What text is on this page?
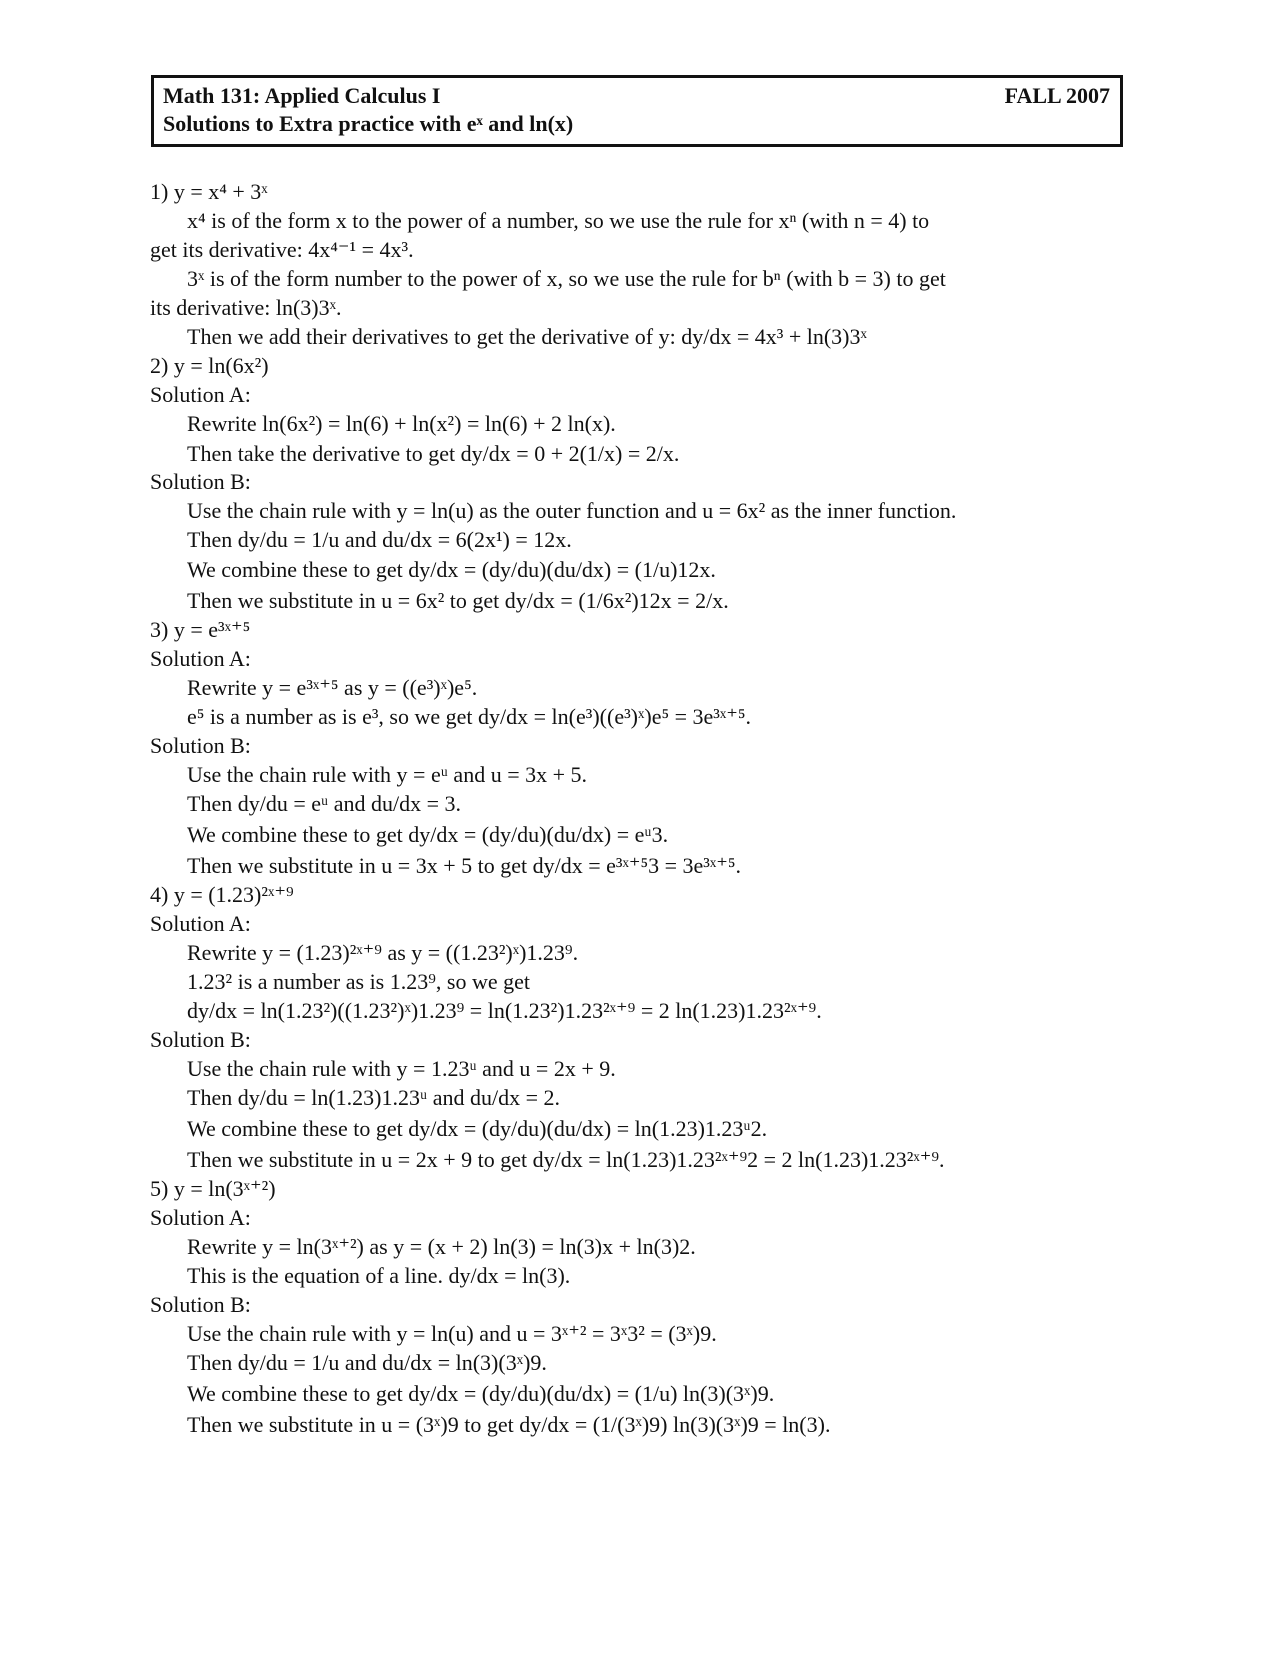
Math 131: Applied Calculus I
Solutions to Extra practice with eˣ and ln(x)
FALL 2007
1) y = x⁴ + 3ˣ
x⁴ is of the form x to the power of a number, so we use the rule for xⁿ (with n = 4) to
get its derivative: 4x⁴⁻¹ = 4x³.
3ˣ is of the form number to the power of x, so we use the rule for bⁿ (with b = 3) to get
its derivative: ln(3)3ˣ.
Then we add their derivatives to get the derivative of y: dy/dx = 4x³ + ln(3)3ˣ
2) y = ln(6x²)
Solution A:
Rewrite ln(6x²) = ln(6) + ln(x²) = ln(6) + 2 ln(x).
Then take the derivative to get dy/dx = 0 + 2(1/x) = 2/x.
Solution B:
Use the chain rule with y = ln(u) as the outer function and u = 6x² as the inner function.
Then dy/du = 1/u and du/dx = 6(2x¹) = 12x.
We combine these to get dy/dx = (dy/du)(du/dx) = (1/u)12x.
Then we substitute in u = 6x² to get dy/dx = (1/6x²)12x = 2/x.
3) y = e³ˣ⁺⁵
Solution A:
Rewrite y = e³ˣ⁺⁵ as y = ((e³)ˣ)e⁵.
e⁵ is a number as is e³, so we get dy/dx = ln(e³)((e³)ˣ)e⁵ = 3e³ˣ⁺⁵.
Solution B:
Use the chain rule with y = eᵘ and u = 3x + 5.
Then dy/du = eᵘ and du/dx = 3.
We combine these to get dy/dx = (dy/du)(du/dx) = eᵘ3.
Then we substitute in u = 3x + 5 to get dy/dx = e³ˣ⁺⁵3 = 3e³ˣ⁺⁵.
4) y = (1.23)²ˣ⁺⁹
Solution A:
Rewrite y = (1.23)²ˣ⁺⁹ as y = ((1.23²)ˣ)1.23⁹.
1.23² is a number as is 1.23⁹, so we get
dy/dx = ln(1.23²)((1.23²)ˣ)1.23⁹ = ln(1.23²)1.23²ˣ⁺⁹ = 2 ln(1.23)1.23²ˣ⁺⁹.
Solution B:
Use the chain rule with y = 1.23ᵘ and u = 2x + 9.
Then dy/du = ln(1.23)1.23ᵘ and du/dx = 2.
We combine these to get dy/dx = (dy/du)(du/dx) = ln(1.23)1.23ᵘ2.
Then we substitute in u = 2x + 9 to get dy/dx = ln(1.23)1.23²ˣ⁺⁹2 = 2 ln(1.23)1.23²ˣ⁺⁹.
5) y = ln(3ˣ⁺²)
Solution A:
Rewrite y = ln(3ˣ⁺²) as y = (x + 2) ln(3) = ln(3)x + ln(3)2.
This is the equation of a line. dy/dx = ln(3).
Solution B:
Use the chain rule with y = ln(u) and u = 3ˣ⁺² = 3ˣ3² = (3ˣ)9.
Then dy/du = 1/u and du/dx = ln(3)(3ˣ)9.
We combine these to get dy/dx = (dy/du)(du/dx) = (1/u) ln(3)(3ˣ)9.
Then we substitute in u = (3ˣ)9 to get dy/dx = (1/(3ˣ)9) ln(3)(3ˣ)9 = ln(3).
